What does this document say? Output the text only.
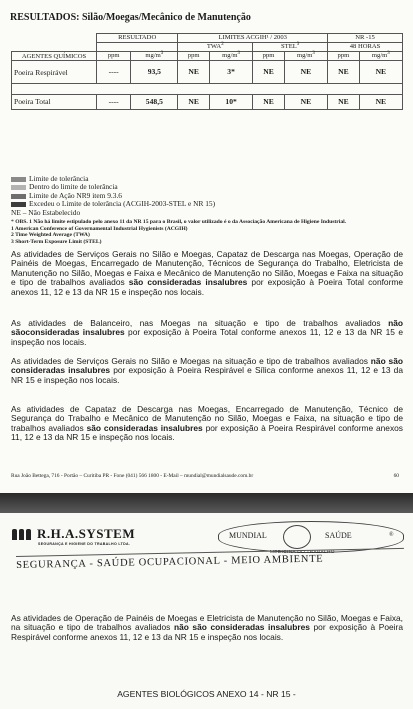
RESULTADOS: Silão/Moegas/Mecânico de Manutenção
	RESULTADO		LIMITES ACGIH¹ / 2003				NR -15	
			TWA$^2$		STEL$^3$		48 HORAS	
AGENTES QUÍMICOS	ppm	$mg/m^3$	ppm	$mg/m^3$	ppm	$mg/m^3$	ppm	$mg/m^3$
Poeira Respirável	----	93,5	NE	3*	NE	NE	NE	NE

Poeira Total	----	548,5	NE	10*	NE	NE	NE	NE
Limite de tolerância
Dentro do limite de tolerância
Limite de Ação NR9 item 9.3.6
Excedeu o Limite de tolerância (ACGIH-2003-STEL e NR 15)
NE – Não Estabelecido
* OBS. 1 Não há limite estipulado pelo anexo 11 da NR 15 para o Brasil, o valor utilizado é o da Associação Americana de Higiene Industrial.
1 American Conference of Governamental Industrial Hygienists (ACGIH)
2 Time Weighted Average (TWA)
3 Short-Term Exposure Limit (STEL)
As atividades de Serviços Gerais no Silão e Moegas, Capataz de Descarga nas Moegas, Operação de Painéis de Moegas, Encarregado de Manutenção, Técnicos de Segurança do Trabalho, Eletricista de Manutenção no Silão, Moegas e Faixa e Mecânico de Manutenção no Silão, Moegas e Faixa na situação e tipo de trabalhos avaliados são consideradas insalubres por exposição à Poeira Total conforme anexos 11, 12 e 13 da NR 15 e inspeção nos locais.
As atividades de Balanceiro, nas Moegas na situação e tipo de trabalhos avaliados não sãoconsideradas insalubres por exposição à Poeira Total conforme anexos 11, 12 e 13 da NR 15 e inspeção nos locais.
As atividades de Serviços Gerais no Silão e Moegas na situação e tipo de trabalhos avaliados não são consideradas insalubres por exposição à Poeira Respirável e Sílica conforme anexos 11, 12 e 13 da NR 15 e inspeção nos locais.
As atividades de Capataz de Descarga nas Moegas, Encarregado de Manutenção, Técnico de Segurança do Trabalho e Mecânico de Manutenção no Silão, Moegas e Faixa, na situação e tipo de trabalhos avaliados são consideradas insalubres por exposição à Poeira Respirável conforme anexos 11, 12 e 13 da NR 15 e inspeção nos locais.
Rua João Bettega, 716 - Portão – Curitiba PR - Fone (041) 566 1800 - E-Mail – mundial@mundialsaude.com.br	60
R.H.A.SYSTEM
SEGURANÇA E HIGIENE DO TRABALHO LTDA.
MUNDIAL	SAÚDE	®
MEDICINA DO TRABALHO
SEGURANÇA - SAÚDE OCUPACIONAL - MEIO AMBIENTE
As atividades de Operação de Painéis de Moegas e Eletricista de Manutenção no Silão, Moegas e Faixa, na situação e tipo de trabalhos avaliados não são consideradas insalubres por exposição à Poeira Respirável conforme anexos 11, 12 e 13 da NR 15 e inspeção nos locais.
AGENTES BIOLÓGICOS ANEXO 14 - NR 15 -
